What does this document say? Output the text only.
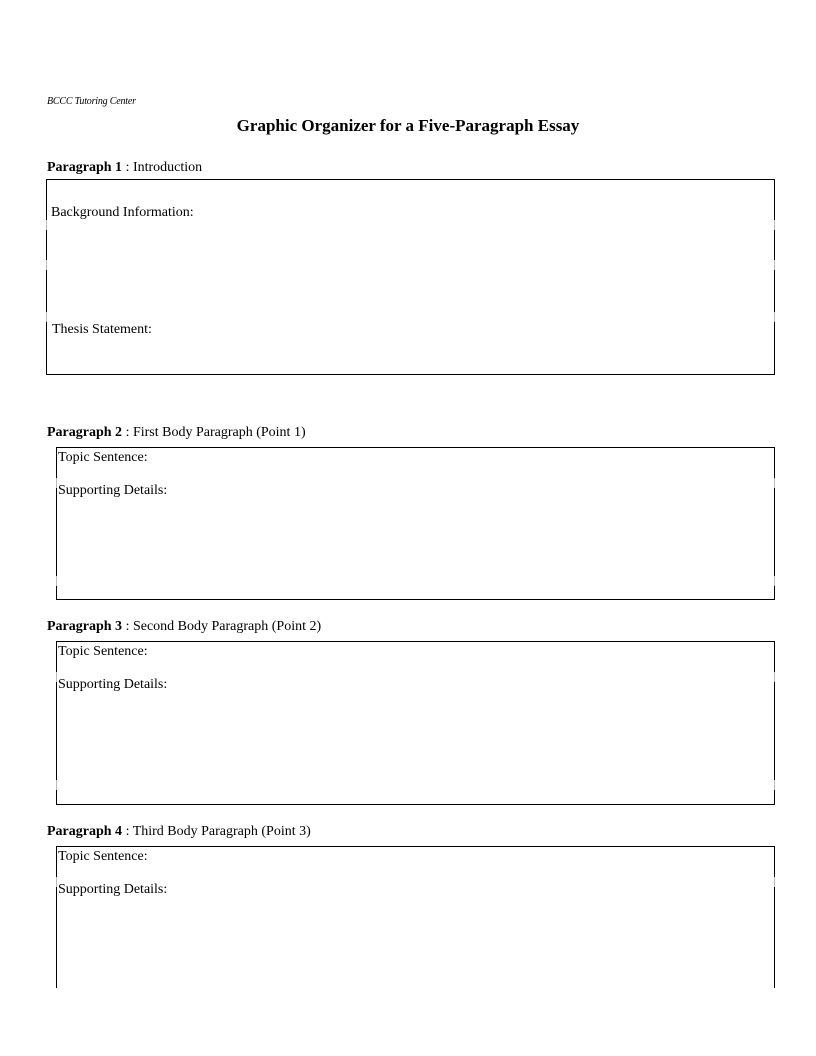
BCCC Tutoring Center
Graphic Organizer for a Five-Paragraph Essay
Paragraph 1 : Introduction
Background Information:
Thesis Statement:
Paragraph 2 : First Body Paragraph (Point 1)
Topic Sentence:
Supporting Details:
Paragraph 3 : Second Body Paragraph (Point 2)
Topic Sentence:
Supporting Details:
Paragraph 4 : Third Body Paragraph (Point 3)
Topic Sentence:
Supporting Details:
